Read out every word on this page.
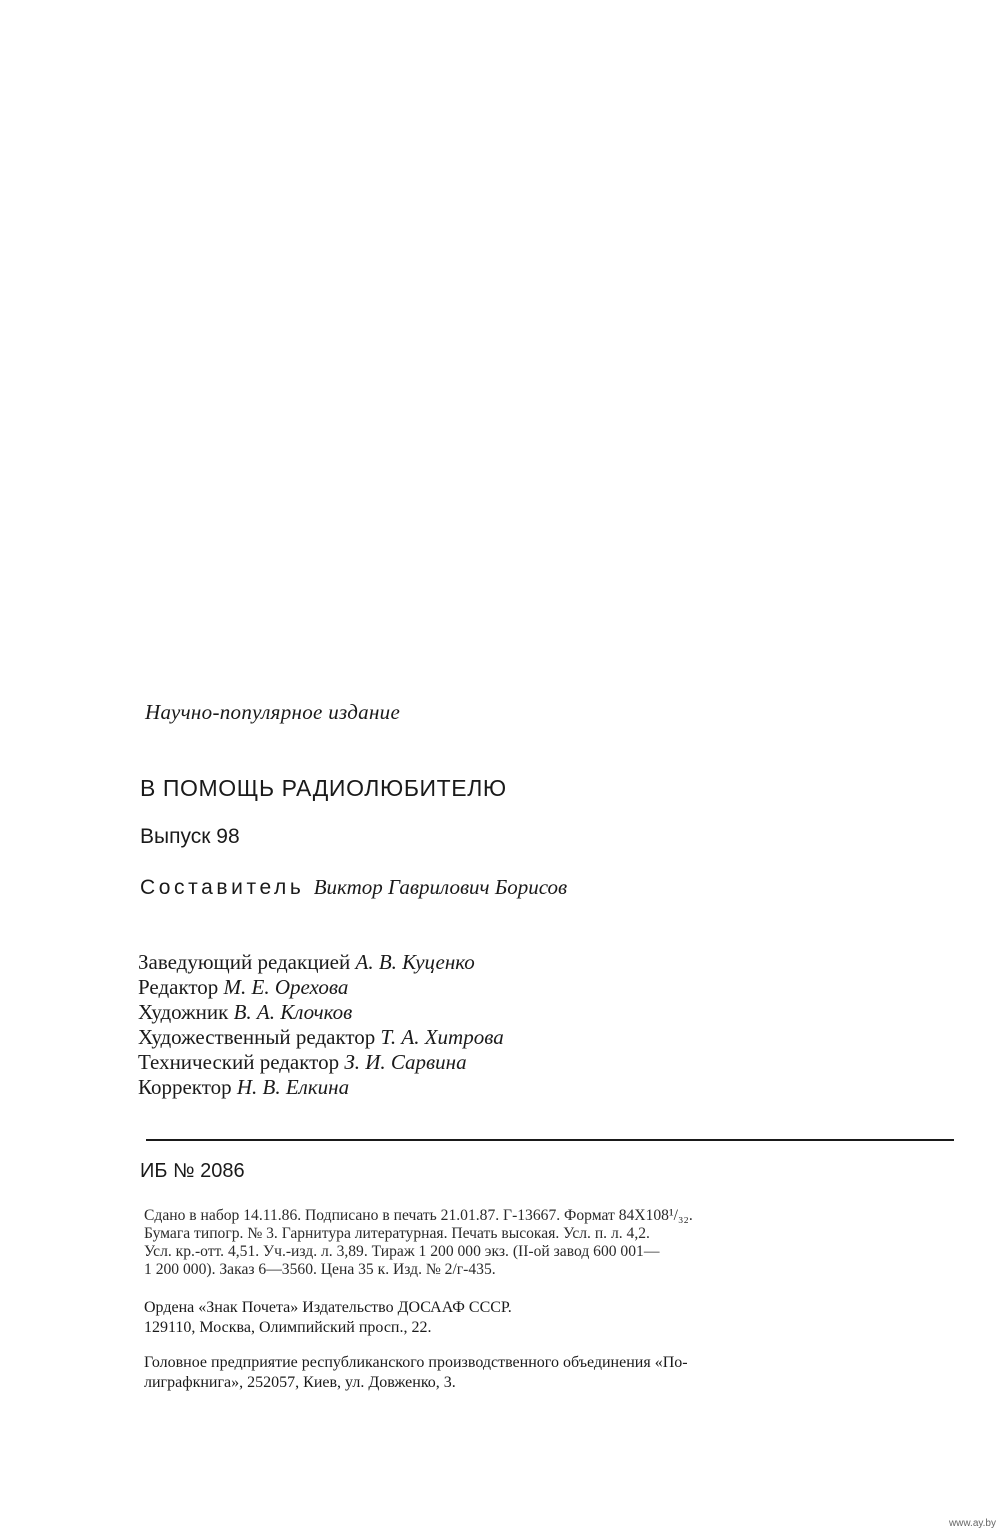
Научно-популярное издание
В ПОМОЩЬ РАДИОЛЮБИТЕЛЮ
Выпуск 98
Составитель Виктор Гаврилович Борисов
Заведующий редакцией А. В. Куценко
Редактор М. Е. Орехова
Художник В. А. Клочков
Художественный редактор Т. А. Хитрова
Технический редактор З. И. Сарвина
Корректор Н. В. Елкина
ИБ № 2086
Сдано в набор 14.11.86. Подписано в печать 21.01.87. Г-13667. Формат 84Х108¹/₃₂.
Бумага типогр. № 3. Гарнитура литературная. Печать высокая. Усл. п. л. 4,2.
Усл. кр.-отт. 4,51. Уч.-изд. л. 3,89. Тираж 1 200 000 экз. (II-ой завод 600 001—
1 200 000). Заказ 6—3560. Цена 35 к. Изд. № 2/г-435.
Ордена «Знак Почета» Издательство ДОСААФ СССР.
129110, Москва, Олимпийский просп., 22.
Головное предприятие республиканского производственного объединения «По-
лиграфкнига», 252057, Киев, ул. Довженко, 3.
www.ay.by
